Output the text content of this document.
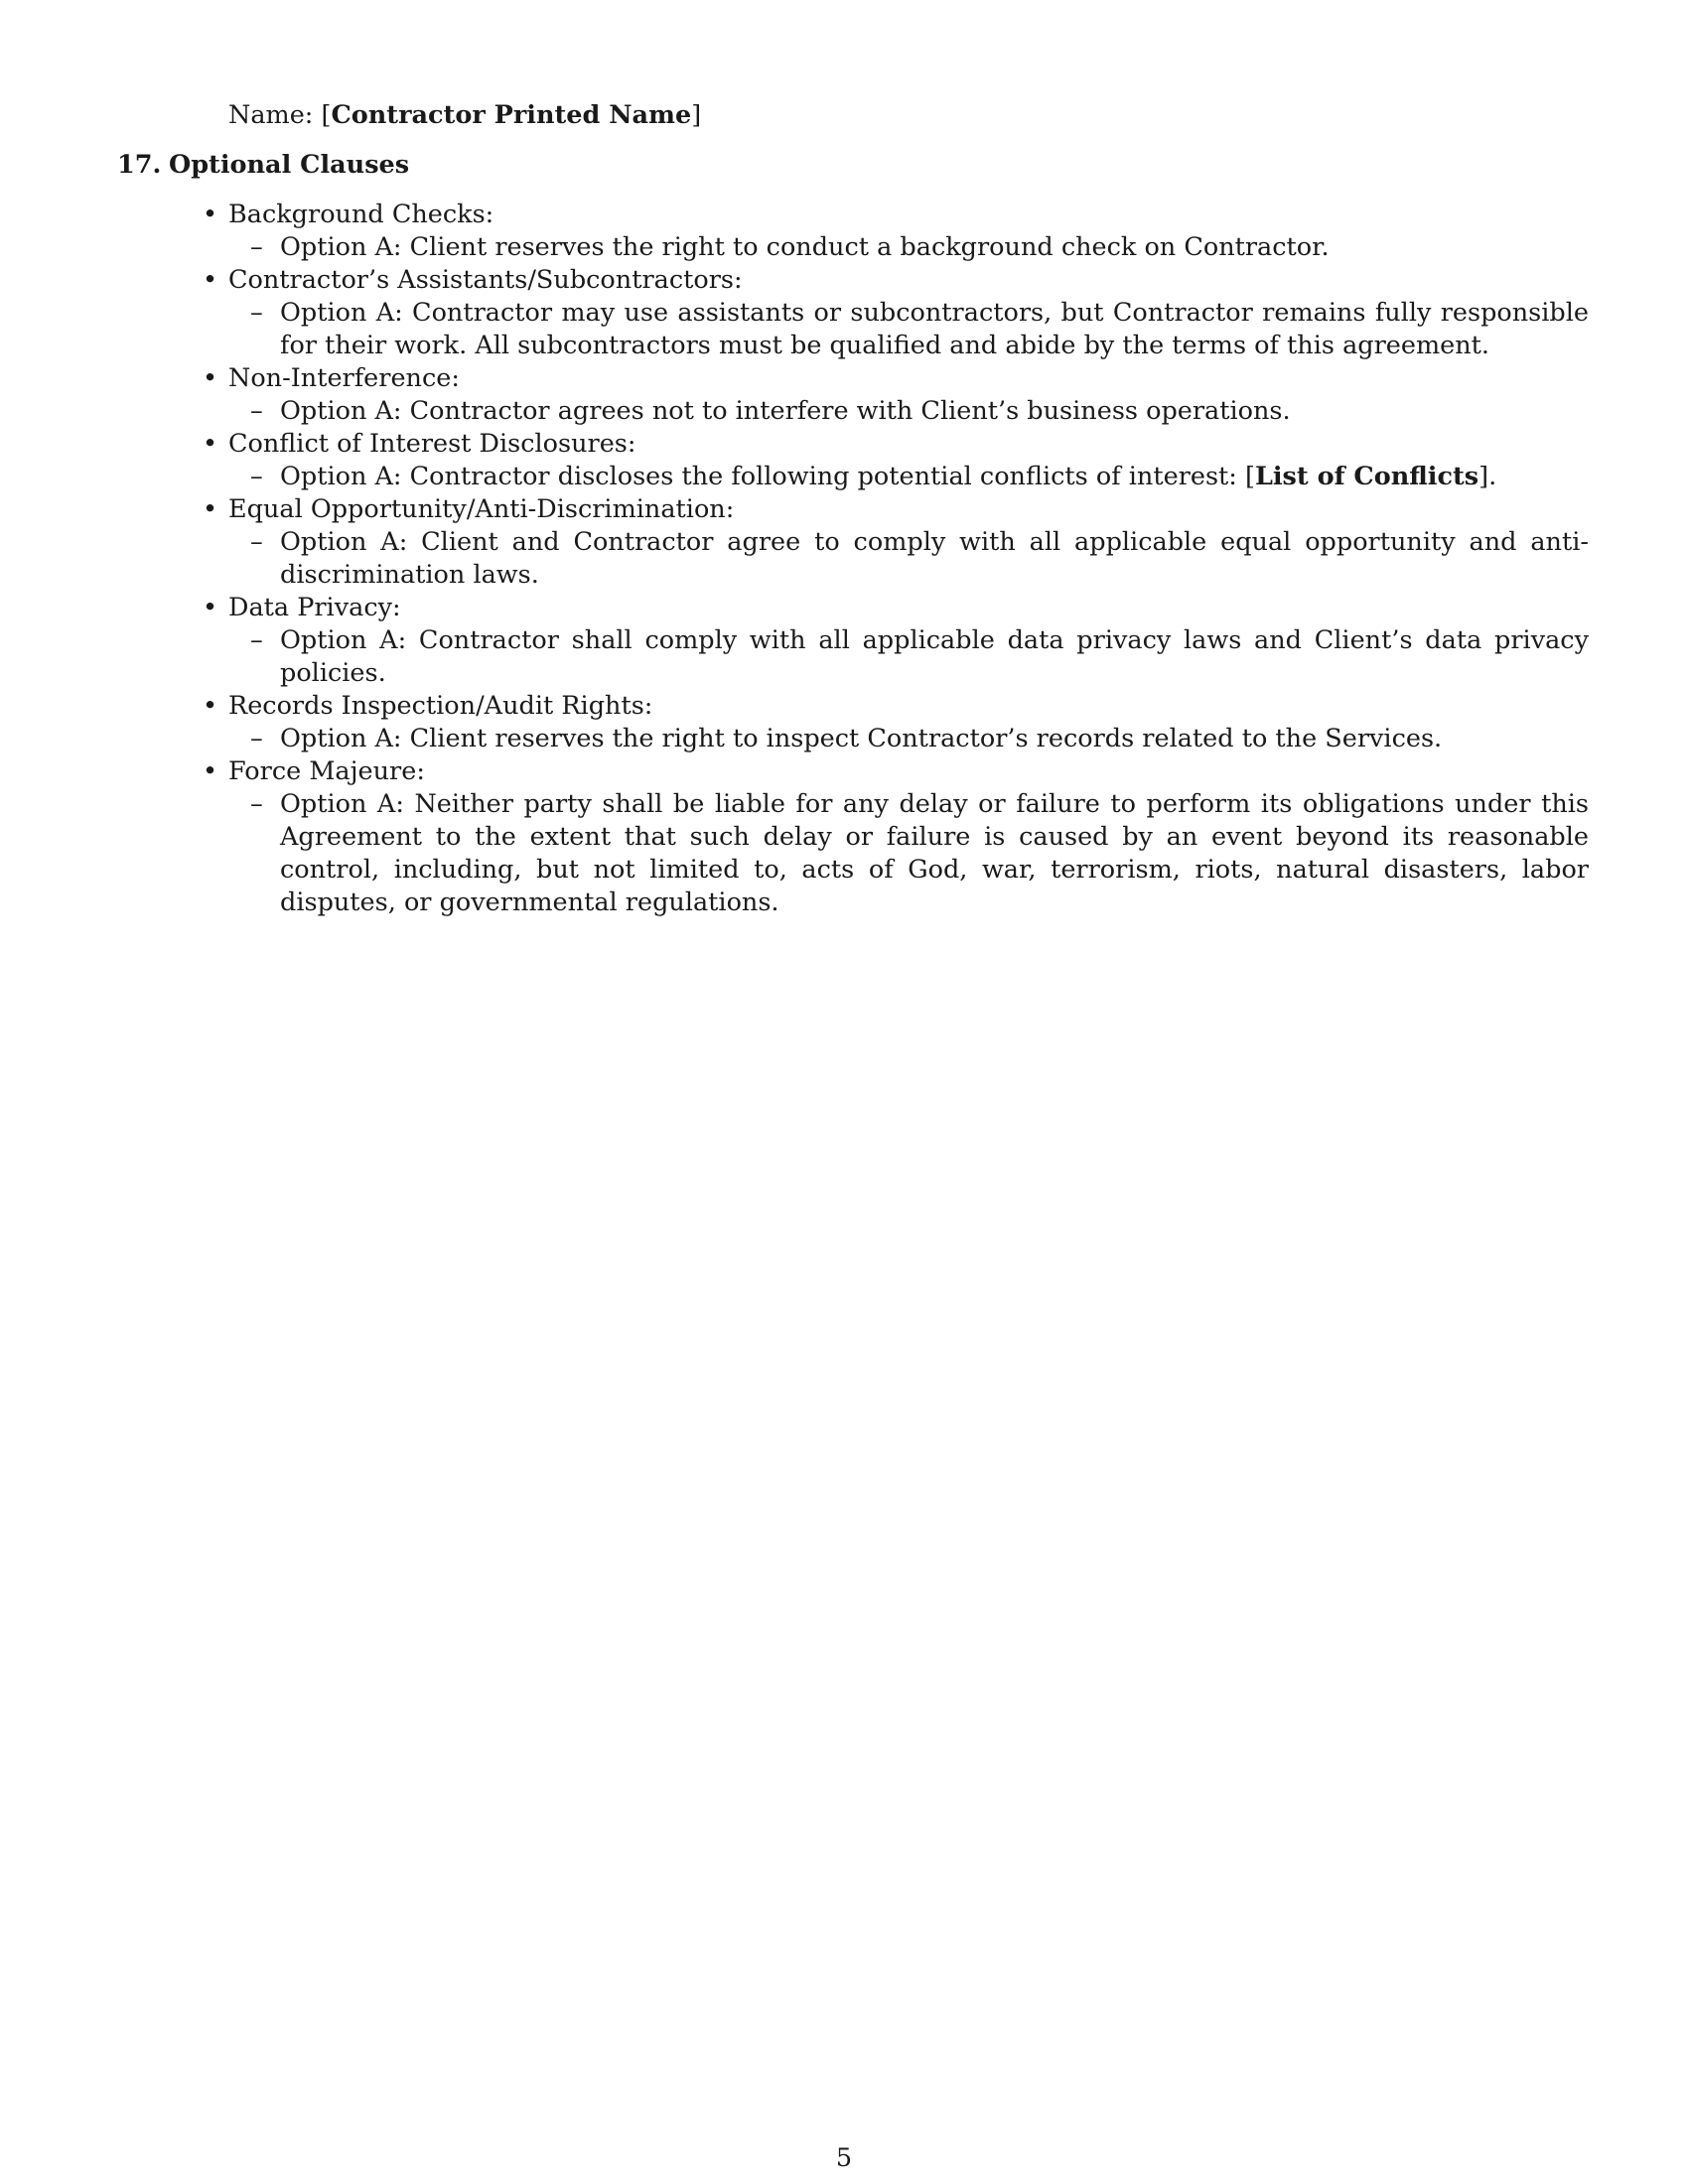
Name: [Contractor Printed Name]
17. Optional Clauses
• Background Checks:
– Option A: Client reserves the right to conduct a background check on Contractor.
• Contractor’s Assistants/Subcontractors:
– Option A: Contractor may use assistants or subcontractors, but Contractor remains fully responsible for their work. All subcontractors must be qualified and abide by the terms of this agreement.
• Non-Interference:
– Option A: Contractor agrees not to interfere with Client’s business operations.
• Conflict of Interest Disclosures:
– Option A: Contractor discloses the following potential conflicts of interest: [List of Conflicts].
• Equal Opportunity/Anti-Discrimination:
– Option A: Client and Contractor agree to comply with all applicable equal opportunity and anti-discrimination laws.
• Data Privacy:
– Option A: Contractor shall comply with all applicable data privacy laws and Client’s data privacy policies.
• Records Inspection/Audit Rights:
– Option A: Client reserves the right to inspect Contractor’s records related to the Services.
• Force Majeure:
– Option A: Neither party shall be liable for any delay or failure to perform its obligations under this Agreement to the extent that such delay or failure is caused by an event beyond its reasonable control, including, but not limited to, acts of God, war, terrorism, riots, natural disasters, labor disputes, or governmental regulations.
5
